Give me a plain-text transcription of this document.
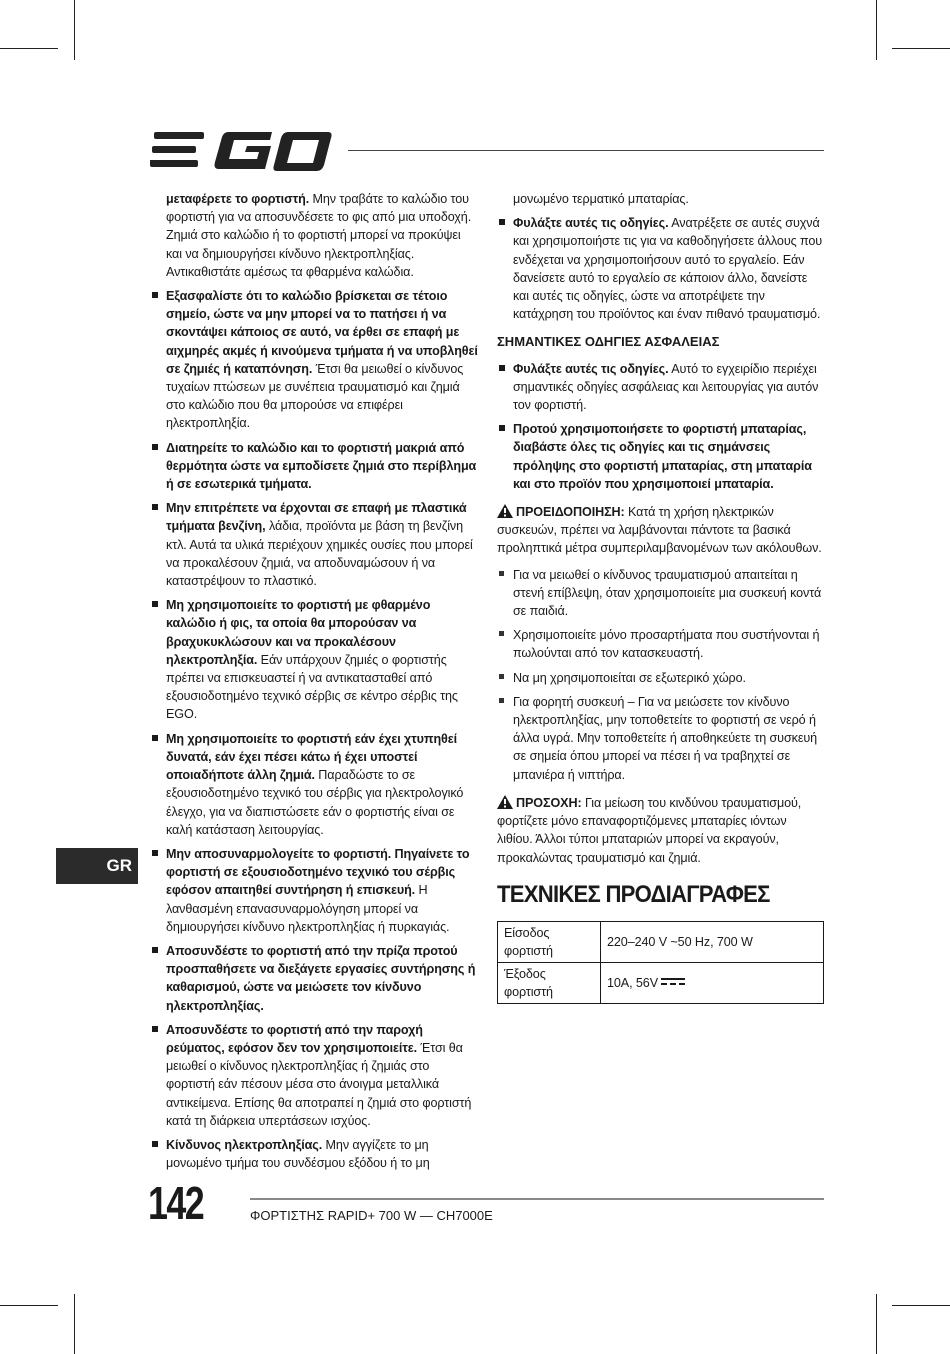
μεταφέρετε το φορτιστή. Μην τραβάτε το καλώδιο του φορτιστή για να αποσυνδέσετε το φις από μια υποδοχή. Ζημιά στο καλώδιο ή το φορτιστή μπορεί να προκύψει και να δημιουργήσει κίνδυνο ηλεκτροπληξίας. Αντικαθιστάτε αμέσως τα φθαρμένα καλώδια.

Εξασφαλίστε ότι το καλώδιο βρίσκεται σε τέτοιο σημείο, ώστε να μην μπορεί να το πατήσει ή να σκοντάψει κάποιος σε αυτό, να έρθει σε επαφή με αιχμηρές ακμές ή κινούμενα τμήματα ή να υποβληθεί σε ζημιές ή καταπόνηση. Έτσι θα μειωθεί ο κίνδυνος τυχαίων πτώσεων με συνέπεια τραυματισμό και ζημιά στο καλώδιο που θα μπορούσε να επιφέρει ηλεκτροπληξία.
Διατηρείτε το καλώδιο και το φορτιστή μακριά από θερμότητα ώστε να εμποδίσετε ζημιά στο περίβλημα ή σε εσωτερικά τμήματα.
Μην επιτρέπετε να έρχονται σε επαφή με πλαστικά τμήματα βενζίνη, λάδια, προϊόντα με βάση τη βενζίνη κτλ. Αυτά τα υλικά περιέχουν χημικές ουσίες που μπορεί να προκαλέσουν ζημιά, να αποδυναμώσουν ή να καταστρέψουν το πλαστικό.
Μη χρησιμοποιείτε το φορτιστή με φθαρμένο καλώδιο ή φις, τα οποία θα μπορούσαν να βραχυκυκλώσουν και να προκαλέσουν ηλεκτροπληξία. Εάν υπάρχουν ζημιές ο φορτιστής πρέπει να επισκευαστεί ή να αντικατασταθεί από εξουσιοδοτημένο τεχνικό σέρβις σε κέντρο σέρβις της EGO.
Μη χρησιμοποιείτε το φορτιστή εάν έχει χτυπηθεί δυνατά, εάν έχει πέσει κάτω ή έχει υποστεί οποιαδήποτε άλλη ζημιά. Παραδώστε το σε εξουσιοδοτημένο τεχνικό του σέρβις για ηλεκτρολογικό έλεγχο, για να διαπιστώσετε εάν ο φορτιστής είναι σε καλή κατάσταση λειτουργίας.
Μην αποσυναρμολογείτε το φορτιστή. Πηγαίνετε το φορτιστή σε εξουσιοδοτημένο τεχνικό του σέρβις εφόσον απαιτηθεί συντήρηση ή επισκευή. Η λανθασμένη επανασυναρμολόγηση μπορεί να δημιουργήσει κίνδυνο ηλεκτροπληξίας ή πυρκαγιάς.
Αποσυνδέστε το φορτιστή από την πρίζα προτού προσπαθήσετε να διεξάγετε εργασίες συντήρησης ή καθαρισμού, ώστε να μειώσετε τον κίνδυνο ηλεκτροπληξίας.
Αποσυνδέστε το φορτιστή από την παροχή ρεύματος, εφόσον δεν τον χρησιμοποιείτε. Έτσι θα μειωθεί ο κίνδυνος ηλεκτροπληξίας ή ζημιάς στο φορτιστή εάν πέσουν μέσα στο άνοιγμα μεταλλικά αντικείμενα. Επίσης θα αποτραπεί η ζημιά στο φορτιστή κατά τη διάρκεια υπερτάσεων ισχύος.
Κίνδυνος ηλεκτροπληξίας. Μην αγγίζετε το μη μονωμένο τμήμα του συνδέσμου εξόδου ή το μη

μονωμένο τερματικό μπαταρίας.

Φυλάξτε αυτές τις οδηγίες. Ανατρέξετε σε αυτές συχνά και χρησιμοποιήστε τις για να καθοδηγήσετε άλλους που ενδέχεται να χρησιμοποιήσουν αυτό το εργαλείο. Εάν δανείσετε αυτό το εργαλείο σε κάποιον άλλο, δανείστε και αυτές τις οδηγίες, ώστε να αποτρέψετε την κατάχρηση του προϊόντος και έναν πιθανό τραυματισμό.
ΣΗΜΑΝΤΙΚΕΣ ΟΔΗΓΙΕΣ ΑΣΦΑΛΕΙΑΣ
Φυλάξτε αυτές τις οδηγίες. Αυτό το εγχειρίδιο περιέχει σημαντικές οδηγίες ασφάλειας και λειτουργίας για αυτόν τον φορτιστή.
Προτού χρησιμοποιήσετε το φορτιστή μπαταρίας, διαβάστε όλες τις οδηγίες και τις σημάνσεις πρόληψης στο φορτιστή μπαταρίας, στη μπαταρία και στο προϊόν που χρησιμοποιεί μπαταρία.
ΠΡΟΕΙΔΟΠΟΙΗΣΗ: Κατά τη χρήση ηλεκτρικών συσκευών, πρέπει να λαμβάνονται πάντοτε τα βασικά προληπτικά μέτρα συμπεριλαμβανομένων των ακόλουθων.
Για να μειωθεί ο κίνδυνος τραυματισμού απαιτείται η στενή επίβλεψη, όταν χρησιμοποιείτε μια συσκευή κοντά σε παιδιά.
Χρησιμοποιείτε μόνο προσαρτήματα που συστήνονται ή πωλούνται από τον κατασκευαστή.
Να μη χρησιμοποιείται σε εξωτερικό χώρο.
Για φορητή συσκευή – Για να μειώσετε τον κίνδυνο ηλεκτροπληξίας, μην τοποθετείτε το φορτιστή σε νερό ή άλλα υγρά. Μην τοποθετείτε ή αποθηκεύετε τη συσκευή σε σημεία όπου μπορεί να πέσει ή να τραβηχτεί σε μπανιέρα ή νιπτήρα.
ΠΡΟΣΟΧΗ: Για μείωση του κινδύνου τραυματισμού, φορτίζετε μόνο επαναφορτιζόμενες μπαταρίες ιόντων λιθίου. Άλλοι τύποι μπαταριών μπορεί να εκραγούν, προκαλώντας τραυματισμό και ζημιά.
ΤΕΧΝΙΚΕΣ ΠΡΟΔΙΑΓΡΑΦΕΣ
Είσοδος φορτιστή	220–240 V ~50 Hz, 700 W
Έξοδος φορτιστή	10A, 56V
GR
142	ΦΟΡΤΙΣΤΗΣ RAPID+ 700 W — CH7000E
